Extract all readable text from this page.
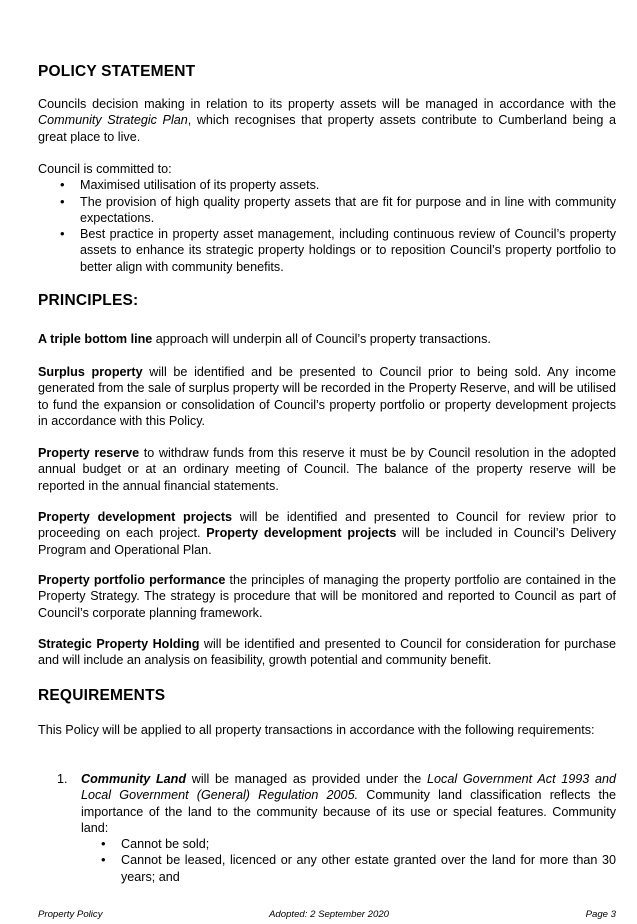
POLICY STATEMENT

Councils decision making in relation to its property assets will be managed in accordance with the Community Strategic Plan, which recognises that property assets contribute to Cumberland being a great place to live.

Council is committed to:

• Maximised utilisation of its property assets.
• The provision of high quality property assets that are fit for purpose and in line with community expectations.
• Best practice in property asset management, including continuous review of Council’s property assets to enhance its strategic property holdings or to reposition Council’s property portfolio to better align with community benefits.
PRINCIPLES:

A triple bottom line approach will underpin all of Council’s property transactions.

Surplus property will be identified and be presented to Council prior to being sold. Any income generated from the sale of surplus property will be recorded in the Property Reserve, and will be utilised to fund the expansion or consolidation of Council’s property portfolio or property development projects in accordance with this Policy.

Property reserve to withdraw funds from this reserve it must be by Council resolution in the adopted annual budget or at an ordinary meeting of Council. The balance of the property reserve will be reported in the annual financial statements.

Property development projects will be identified and presented to Council for review prior to proceeding on each project. Property development projects will be included in Council’s Delivery Program and Operational Plan.

Property portfolio performance the principles of managing the property portfolio are contained in the Property Strategy. The strategy is procedure that will be monitored and reported to Council as part of Council’s corporate planning framework.

Strategic Property Holding will be identified and presented to Council for consideration for purchase and will include an analysis on feasibility, growth potential and community benefit.

REQUIREMENTS

This Policy will be applied to all property transactions in accordance with the following requirements:

1. Community Land will be managed as provided under the Local Government Act 1993 and Local Government (General) Regulation 2005. Community land classification reflects the importance of the land to the community because of its use or special features. Community land:

• Cannot be sold;
• Cannot be leased, licenced or any other estate granted over the land for more than 30 years; and
Property Policy	Adopted: 2 September 2020	Page 3
